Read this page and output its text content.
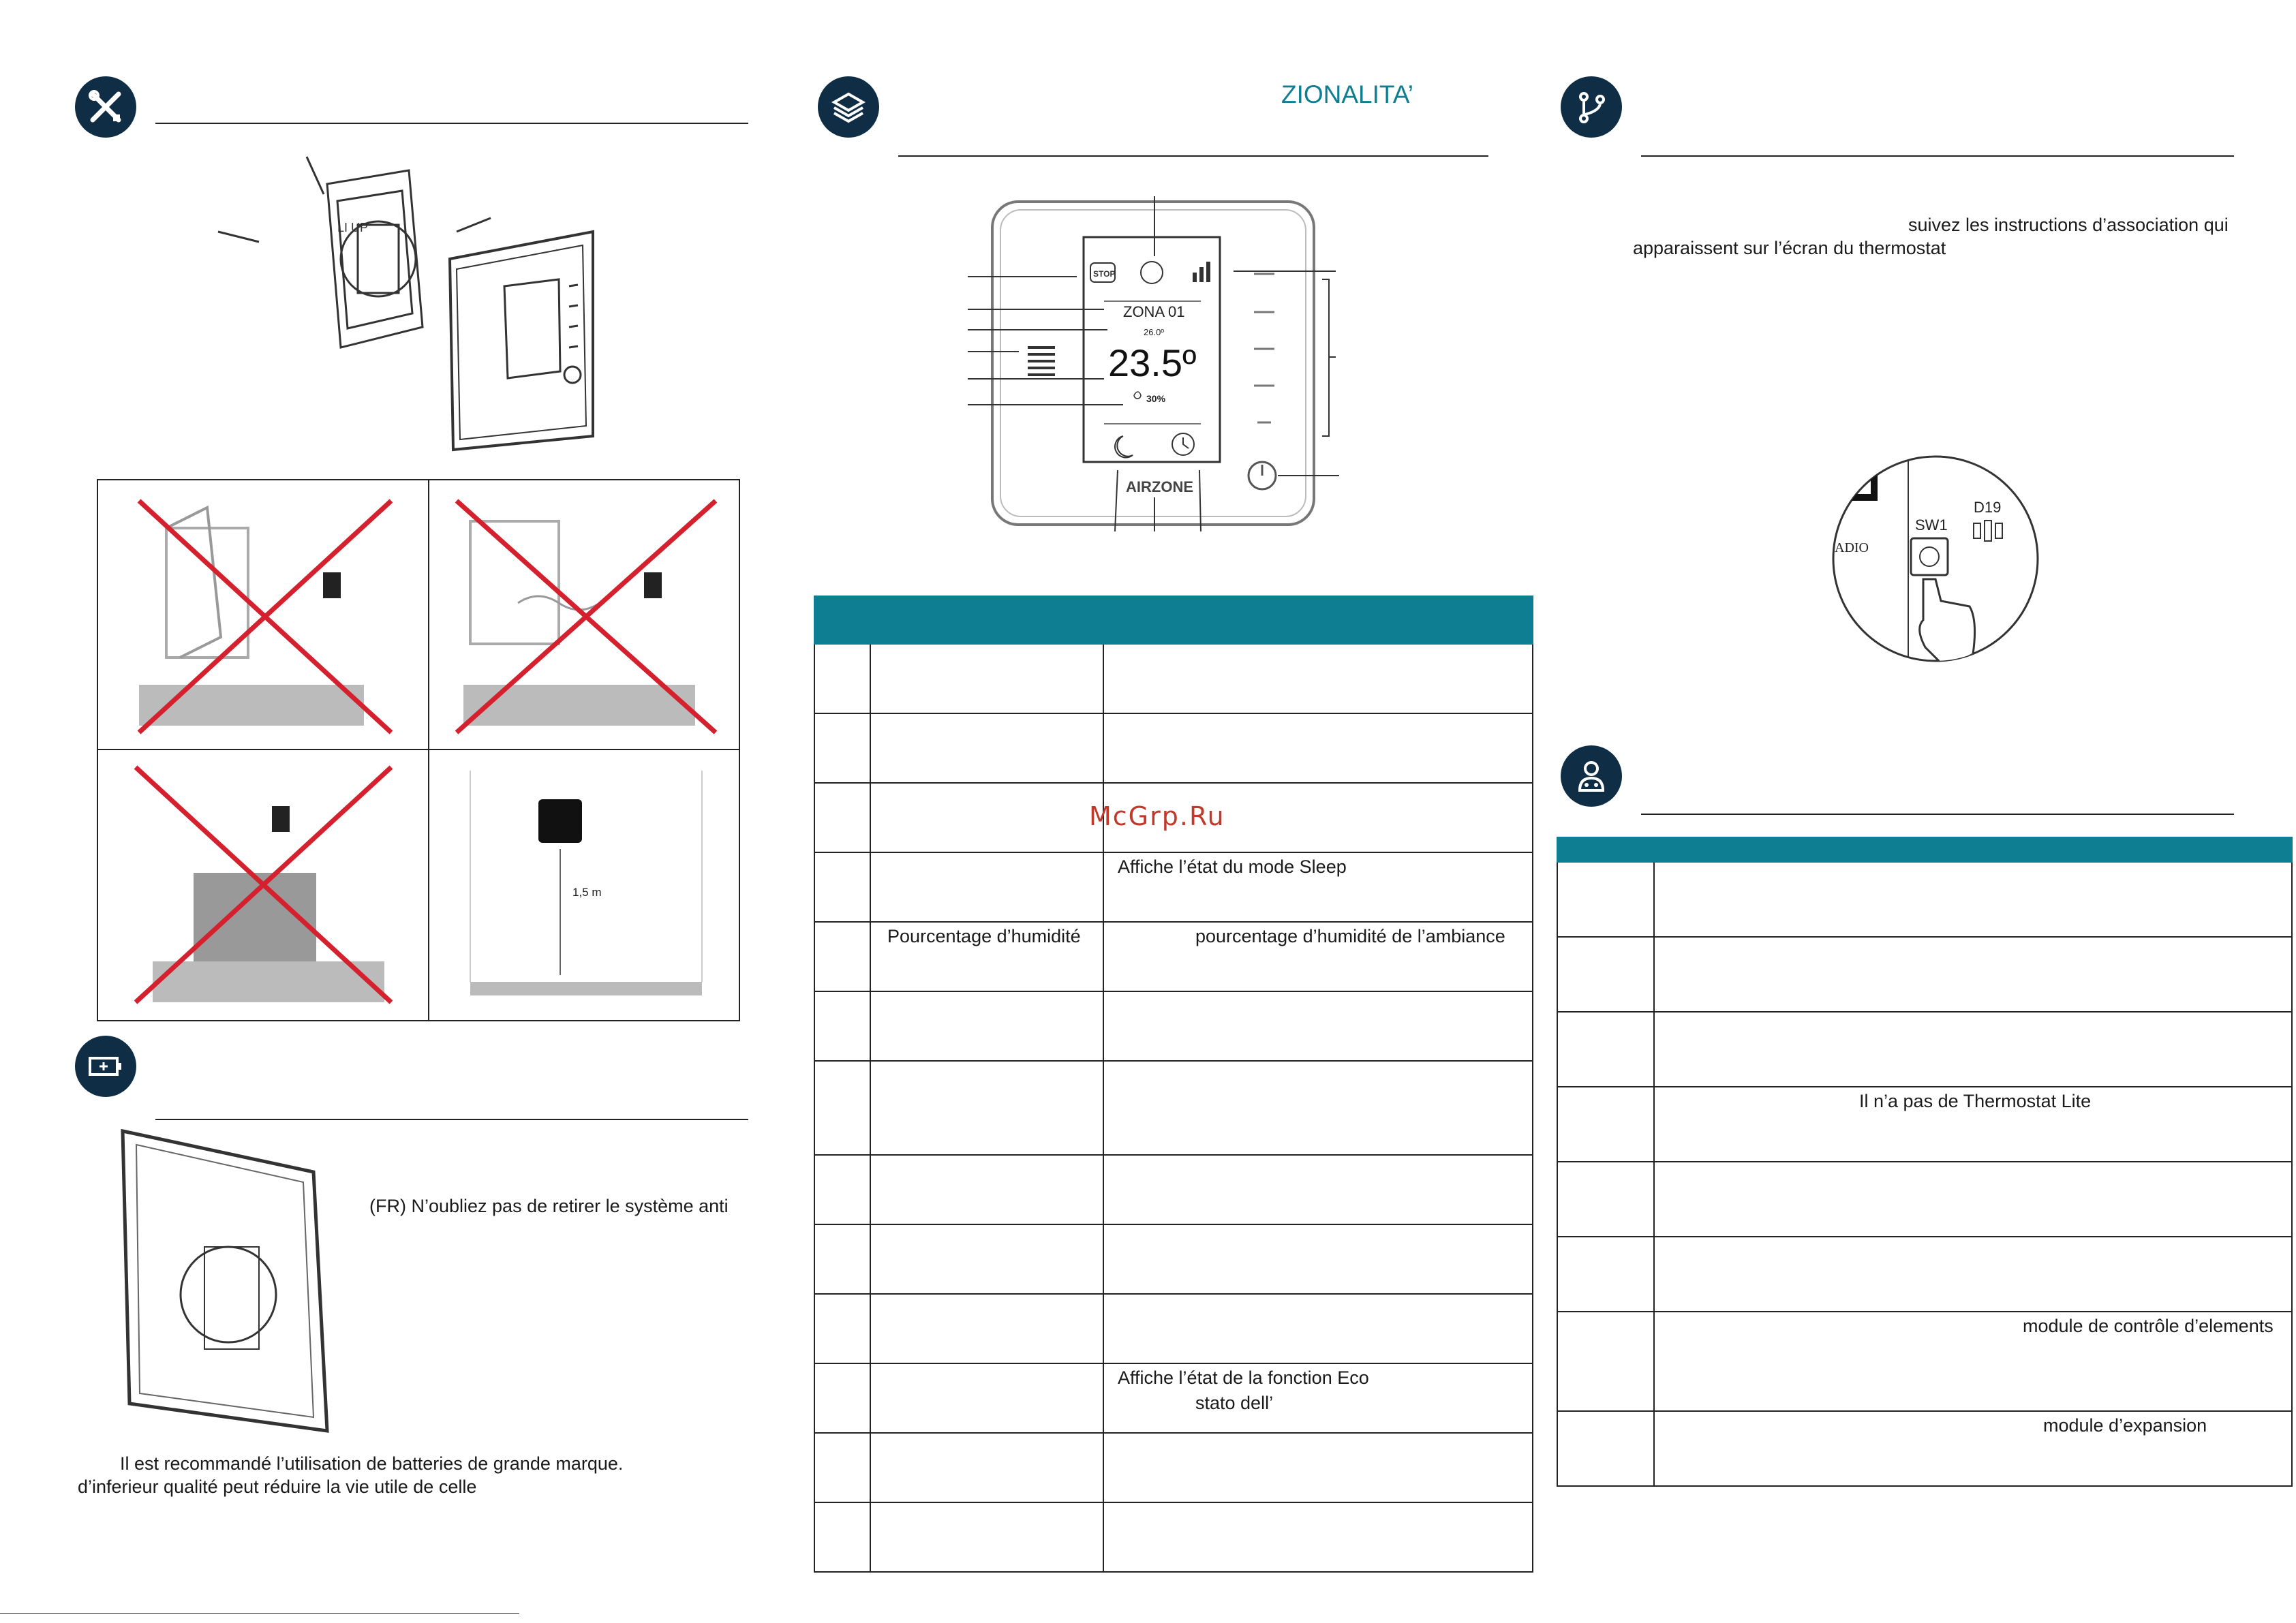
LI UP
1,5 m
(FR) N’oubliez pas de retirer le système anti
Il est recommandé l’utilisation de batteries de grande marque.
d’inferieur qualité peut réduire la vie utile de celle
ZIONALITA’
STOP
ZONA 01
26.0º
23.5º
30%
AIRZONE

		Affiche l’état du mode Sleep

	Pourcentage d’humidité	pourcentage d’humidité de l’ambiance

		Affiche l’état de la fonction Eco
stato dell’

McGrp.Ru
suivez les instructions d’association qui
apparaissent sur l’écran du thermostat
SW1
D19
ADIO

	Il n’a pas de Thermostat Lite

	module de contrôle d’elements

	module d’expansion
